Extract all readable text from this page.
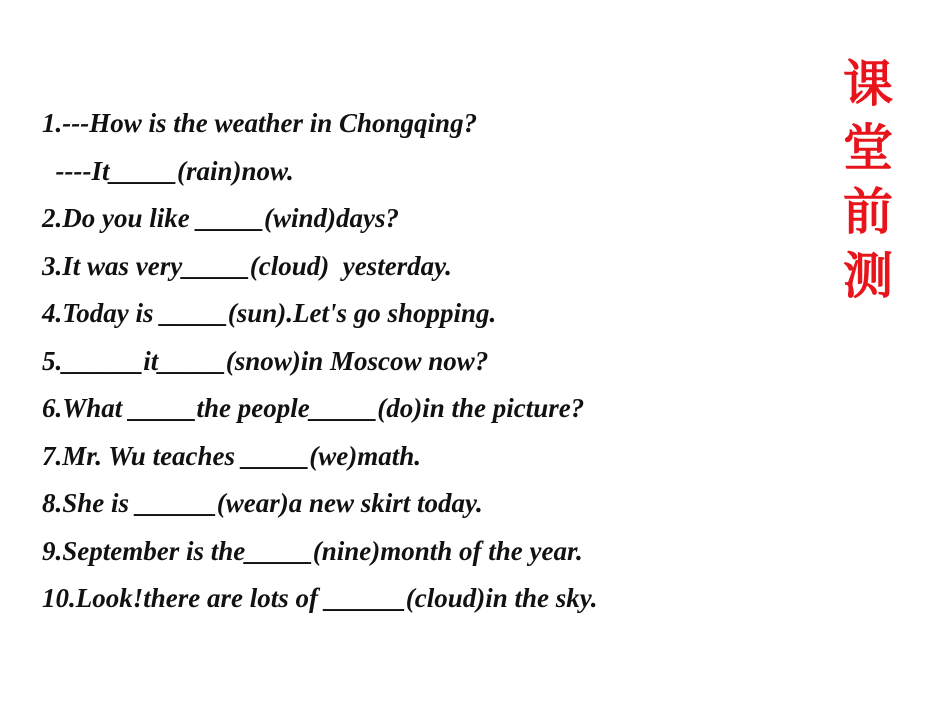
1.---How is the weather in Chongqing?
----It_____(rain)now.
2.Do you like _____(wind)days?
3.It was very_____(cloud)  yesterday.
4.Today is _____(sun).Let's go shopping.
5.______it_____(snow)in Moscow now?
6.What _____the people_____(do)in the picture?
7.Mr. Wu teaches _____(we)math.
8.She is ______(wear)a new skirt today.
9.September is the_____(nine)month of the year.
10.Look!there are lots of ______(cloud)in the sky.
课
堂
前
测
